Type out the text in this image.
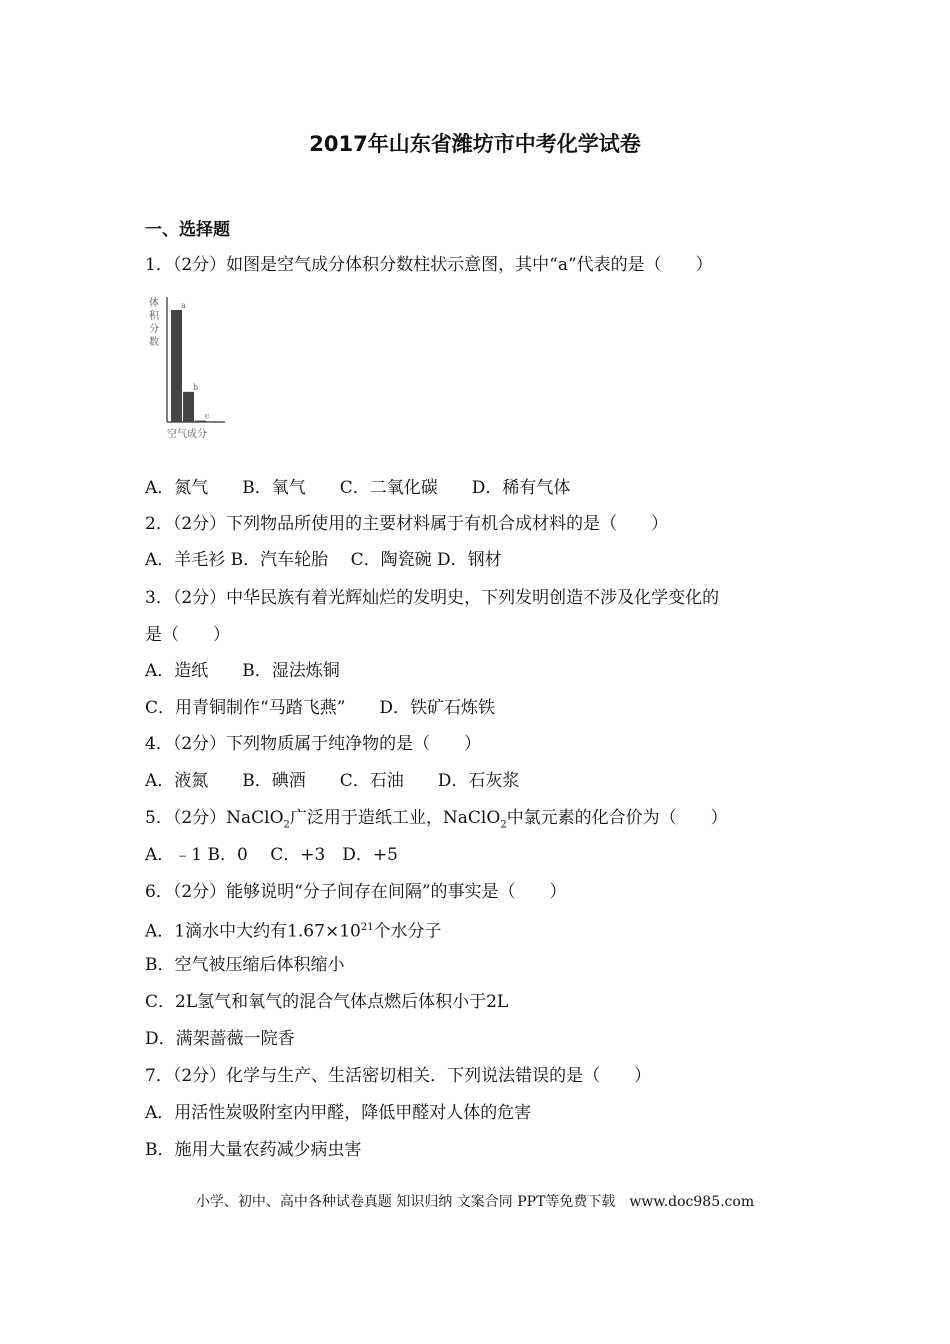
2017年山东省潍坊市中考化学试卷
一、选择题
1．（2分）如图是空气成分体积分数柱状示意图，其中“a”代表的是（　　）
体
积
分
数
a
b
c
空气成分
A．氮气　　B．氧气　　C．二氧化碳　　D．稀有气体
2．（2分）下列物品所使用的主要材料属于有机合成材料的是（　　）
A．羊毛衫 B．汽车轮胎　 C．陶瓷碗 D．钢材
3．（2分）中华民族有着光辉灿烂的发明史，下列发明创造不涉及化学变化的
是（　　）
A．造纸　　B．湿法炼铜
C．用青铜制作“马踏飞燕”　　D．铁矿石炼铁
4．（2分）下列物质属于纯净物的是（　　）
A．液氮　　B．碘酒　　C．石油　　D．石灰浆
5．（2分）NaClO$_2$广泛用于造纸工业，NaClO$_2$中氯元素的化合价为（　　）
A．﹣1 B．0　 C．+3　D．+5
6．（2分）能够说明“分子间存在间隔”的事实是（　　）
A．1滴水中大约有$1.67\times 10^{21}$个水分子
B．空气被压缩后体积缩小
C．2L氢气和氧气的混合气体点燃后体积小于2L
D．满架蔷薇一院香
7．（2分）化学与生产、生活密切相关．下列说法错误的是（　　）
A．用活性炭吸附室内甲醛，降低甲醛对人体的危害
B．施用大量农药减少病虫害
小学、初中、高中各种试卷真题 知识归纳 文案合同 PPT等免费下载　www.doc985.com
